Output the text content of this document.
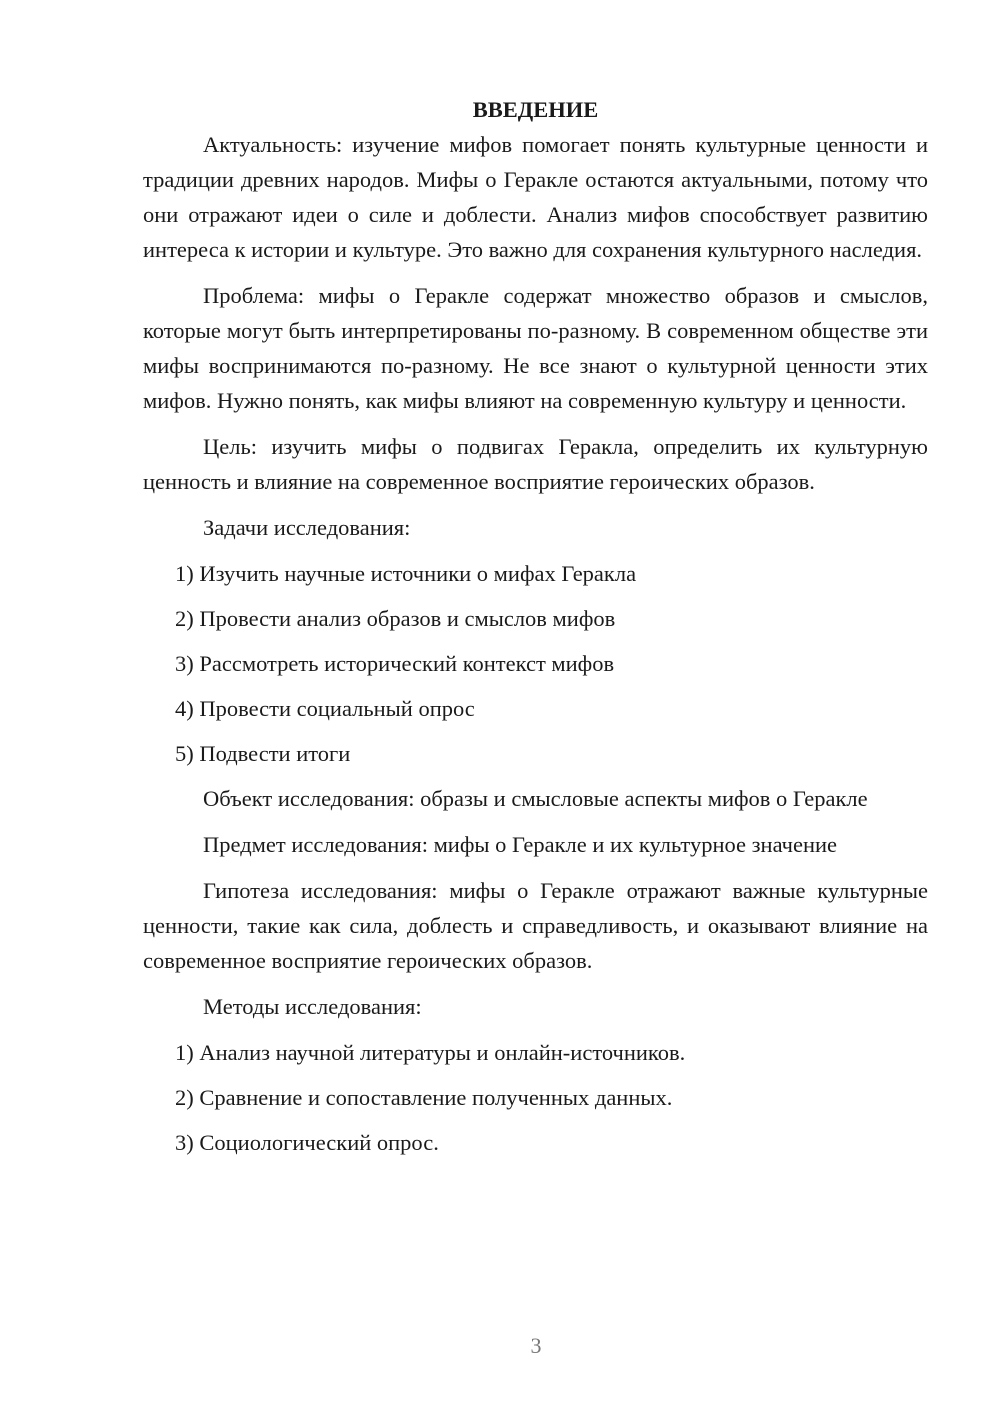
ВВЕДЕНИЕ

Актуальность: изучение мифов помогает понять культурные ценности и традиции древних народов. Мифы о Геракле остаются актуальными, потому что они отражают идеи о силе и доблести. Анализ мифов способствует развитию интереса к истории и культуре. Это важно для сохранения культурного наследия.

Проблема: мифы о Геракле содержат множество образов и смыслов, которые могут быть интерпретированы по-разному. В современном обществе эти мифы воспринимаются по-разному. Не все знают о культурной ценности этих мифов. Нужно понять, как мифы влияют на современную культуру и ценности.

Цель: изучить мифы о подвигах Геракла, определить их культурную ценность и влияние на современное восприятие героических образов.

Задачи исследования:

1) Изучить научные источники о мифах Геракла

2) Провести анализ образов и смыслов мифов

3) Рассмотреть исторический контекст мифов

4) Провести социальный опрос

5) Подвести итоги

Объект исследования: образы и смысловые аспекты мифов о Геракле

Предмет исследования: мифы о Геракле и их культурное значение

Гипотеза исследования: мифы о Геракле отражают важные культурные ценности, такие как сила, доблесть и справедливость, и оказывают влияние на современное восприятие героических образов.

Методы исследования:

1) Анализ научной литературы и онлайн-источников.

2) Сравнение и сопоставление полученных данных.

3) Социологический опрос.

3
